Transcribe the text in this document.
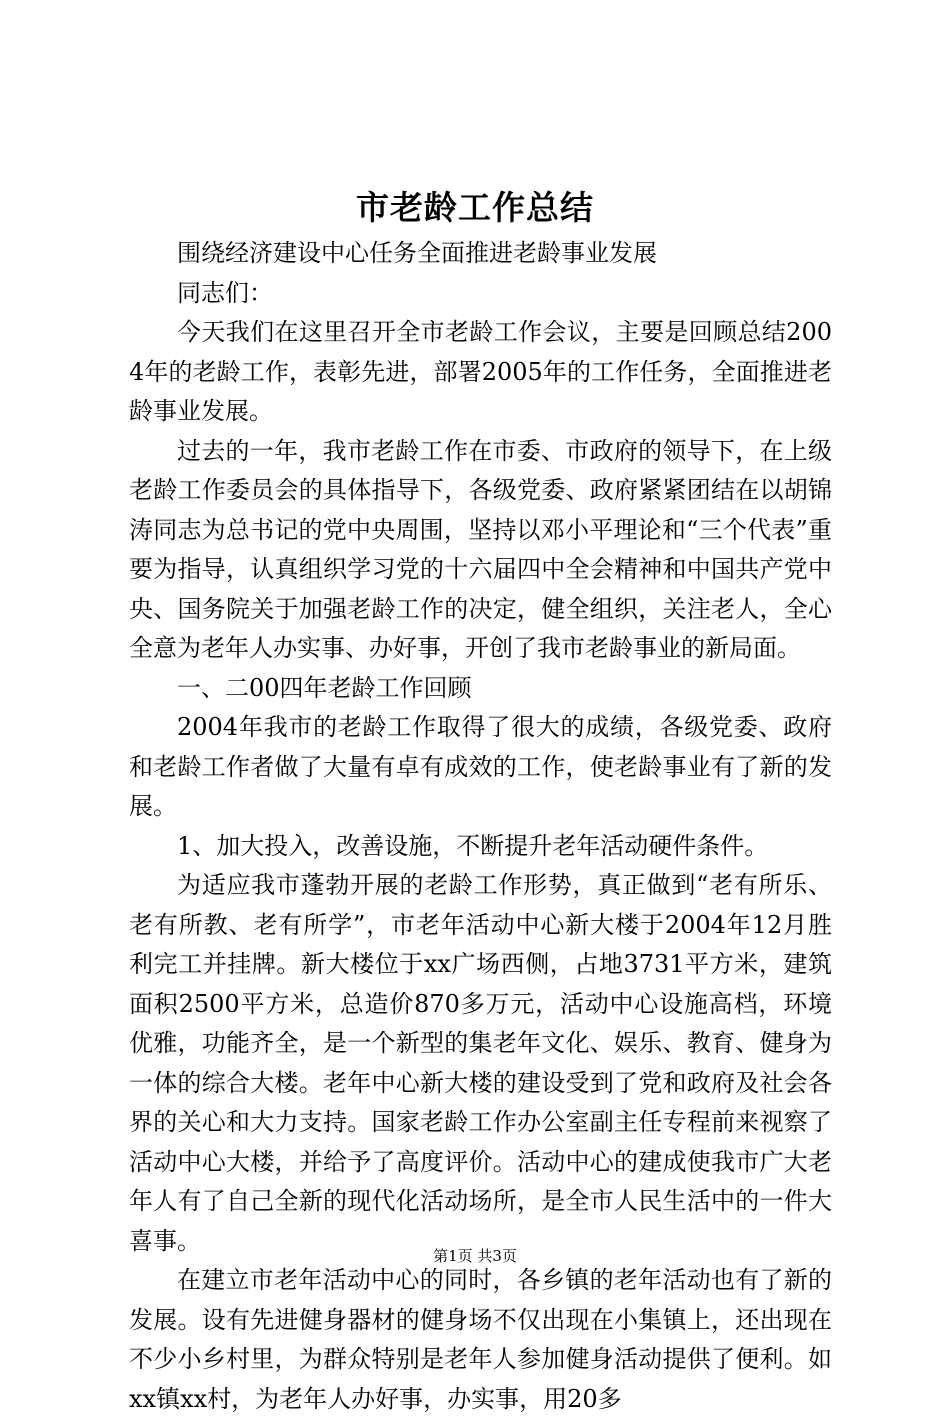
市老龄工作总结

围绕经济建设中心任务全面推进老龄事业发展

同志们：

今天我们在这里召开全市老龄工作会议，主要是回顾总结2004年的老龄工作，表彰先进，部署2005年的工作任务，全面推进老龄事业发展。

过去的一年，我市老龄工作在市委、市政府的领导下，在上级老龄工作委员会的具体指导下，各级党委、政府紧紧团结在以胡锦涛同志为总书记的党中央周围，坚持以邓小平理论和“三个代表”重要为指导，认真组织学习党的十六届四中全会精神和中国共产党中央、国务院关于加强老龄工作的决定，健全组织，关注老人，全心全意为老年人办实事、办好事，开创了我市老龄事业的新局面。

一、二00四年老龄工作回顾

2004年我市的老龄工作取得了很大的成绩，各级党委、政府和老龄工作者做了大量有卓有成效的工作，使老龄事业有了新的发展。

1、加大投入，改善设施，不断提升老年活动硬件条件。

为适应我市蓬勃开展的老龄工作形势，真正做到“老有所乐、老有所教、老有所学”，市老年活动中心新大楼于2004年12月胜利完工并挂牌。新大楼位于xx广场西侧，占地3731平方米，建筑面积2500平方米，总造价870多万元，活动中心设施高档，环境优雅，功能齐全，是一个新型的集老年文化、娱乐、教育、健身为一体的综合大楼。老年中心新大楼的建设受到了党和政府及社会各界的关心和大力支持。国家老龄工作办公室副主任专程前来视察了活动中心大楼，并给予了高度评价。活动中心的建成使我市广大老年人有了自己全新的现代化活动场所，是全市人民生活中的一件大喜事。

在建立市老年活动中心的同时，各乡镇的老年活动也有了新的发展。设有先进健身器材的健身场不仅出现在小集镇上，还出现在不少小乡村里，为群众特别是老年人参加健身活动提供了便利。如xx镇xx村，为老年人办好事，办实事，用20多

第1页 共3页
